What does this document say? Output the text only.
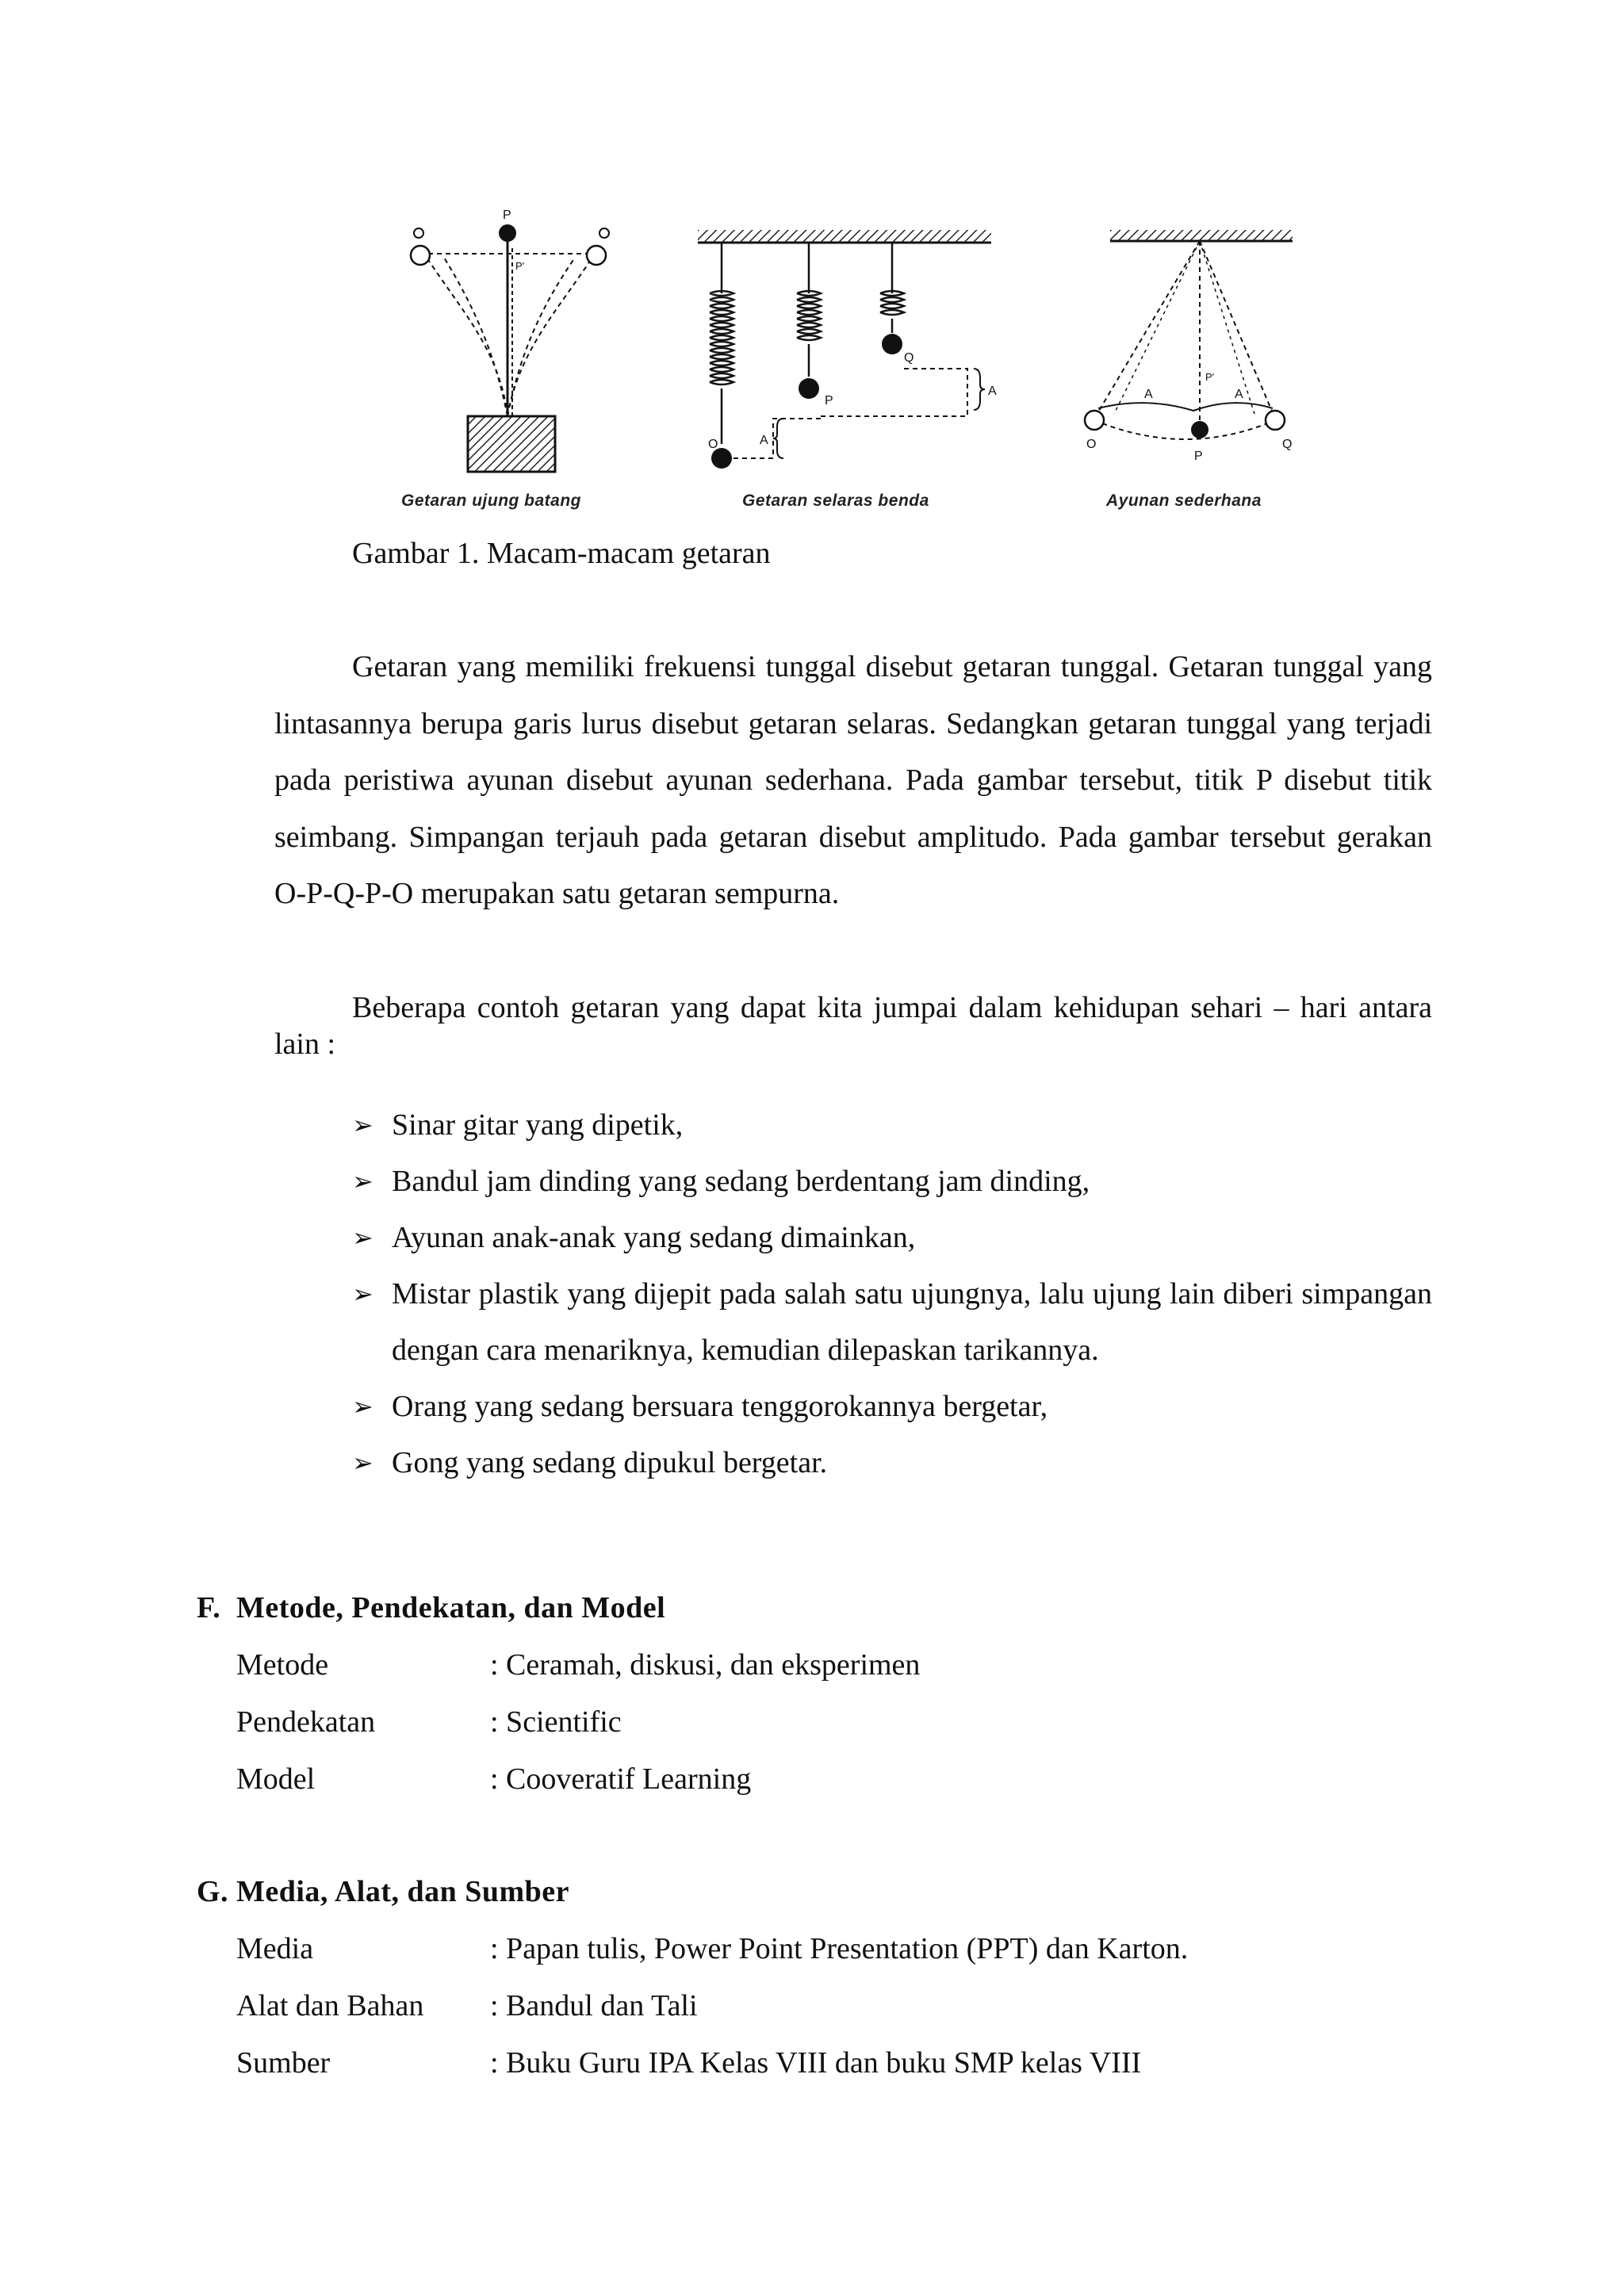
P
P'
A
A
O
P
Q
O	Q
P
A	A
P'
Getaran ujung batang	Getaran selaras benda	Ayunan sederhana
Gambar 1. Macam-macam getaran

Getaran yang memiliki frekuensi tunggal disebut getaran tunggal. Getaran tunggal yang lintasannya berupa garis lurus disebut getaran selaras. Sedangkan getaran tunggal yang terjadi pada peristiwa ayunan disebut ayunan sederhana. Pada gambar tersebut, titik P disebut titik seimbang. Simpangan terjauh pada getaran disebut amplitudo. Pada gambar tersebut gerakan O-P-Q-P-O merupakan satu getaran sempurna.

Beberapa contoh getaran yang dapat kita jumpai dalam kehidupan sehari – hari antara lain :

➢ Sinar gitar yang dipetik,
➢ Bandul jam dinding yang sedang berdentang jam dinding,
➢ Ayunan anak-anak yang sedang dimainkan,
➢ Mistar plastik yang dijepit pada salah satu ujungnya, lalu ujung lain diberi simpangan dengan cara menariknya, kemudian dilepaskan tarikannya.
➢ Orang yang sedang bersuara tenggorokannya bergetar,
➢ Gong yang sedang dipukul bergetar.
F. Metode, Pendekatan, dan Model
Metode	: Ceramah, diskusi, dan eksperimen
Pendekatan	: Scientific
Model	: Cooveratif Learning
G. Media, Alat, dan Sumber
Media	: Papan tulis, Power Point Presentation (PPT) dan Karton.
Alat dan Bahan : Bandul dan Tali
Sumber	: Buku Guru IPA Kelas VIII dan buku SMP kelas VIII
